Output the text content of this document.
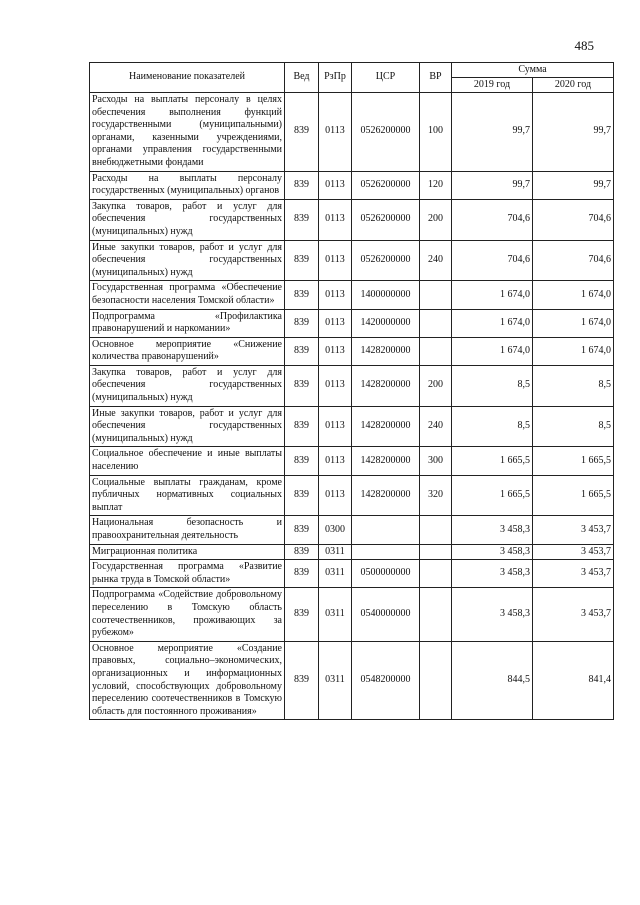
485
Наименование показателей	Вед	РзПр	ЦСР	ВР	Сумма	
					2019 год	2020 год
Расходы на выплаты персоналу в целях обеспечения выполнения функций государственными (муниципальными) органами, казенными учреждениями, органами управления государственными внебюджетными фондами	839	0113	0526200000	100	99,7	99,7
Расходы на выплаты персоналу государственных (муниципальных) органов	839	0113	0526200000	120	99,7	99,7
Закупка товаров, работ и услуг для обеспечения государственных (муниципальных) нужд	839	0113	0526200000	200	704,6	704,6
Иные закупки товаров, работ и услуг для обеспечения государственных (муниципальных) нужд	839	0113	0526200000	240	704,6	704,6
Государственная программа «Обеспечение безопасности населения Томской области»	839	0113	1400000000		1 674,0	1 674,0
Подпрограмма «Профилактика правонарушений и наркомании»	839	0113	1420000000		1 674,0	1 674,0
Основное мероприятие «Снижение количества правонарушений»	839	0113	1428200000		1 674,0	1 674,0
Закупка товаров, работ и услуг для обеспечения государственных (муниципальных) нужд	839	0113	1428200000	200	8,5	8,5
Иные закупки товаров, работ и услуг для обеспечения государственных (муниципальных) нужд	839	0113	1428200000	240	8,5	8,5
Социальное обеспечение и иные выплаты населению	839	0113	1428200000	300	1 665,5	1 665,5
Социальные выплаты гражданам, кроме публичных нормативных социальных выплат	839	0113	1428200000	320	1 665,5	1 665,5
Национальная безопасность и правоохранительная деятельность	839	0300			3 458,3	3 453,7
Миграционная политика	839	0311			3 458,3	3 453,7
Государственная программа «Развитие рынка труда в Томской области»	839	0311	0500000000		3 458,3	3 453,7
Подпрограмма «Содействие добровольному переселению в Томскую область соотечественников, проживающих за рубежом»	839	0311	0540000000		3 458,3	3 453,7
Основное мероприятие «Создание правовых, социально–экономических, организационных и информационных условий, способствующих добровольному переселению соотечественников в Томскую область для постоянного проживания»	839	0311	0548200000		844,5	841,4
